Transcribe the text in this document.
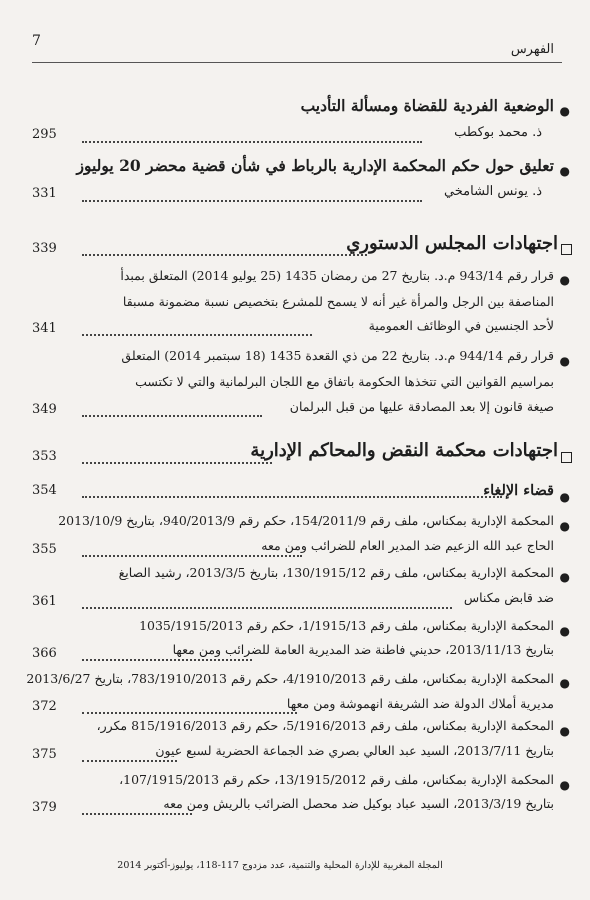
7
الفهرس
●
الوضعية الفردية للقضاة ومسألة التأديب
ذ. محمد بوكطب
295
●
تعليق حول حكم المحكمة الإدارية بالرباط في شأن قضية محضر 20 يوليوز
ذ. يونس الشامخي
331
اجتهادات المجلس الدستوري
339
●
قرار رقم 943/14 م.د. بتاريخ 27 من رمضان 1435 (25 يوليو 2014) المتعلق بمبدأ
المناصفة بين الرجل والمرأة غير أنه لا يسمح للمشرع بتخصيص نسبة مضمونة مسبقا
لأحد الجنسين في الوظائف العمومية
341
●
قرار رقم 944/14 م.د. بتاريخ 22 من ذي القعدة 1435 (18 سبتمبر 2014) المتعلق
بمراسيم القوانين التي تتخذها الحكومة باتفاق مع اللجان البرلمانية والتي لا تكتسب
صيغة قانون إلا بعد المصادقة عليها من قبل البرلمان
349
اجتهادات محكمة النقض والمحاكم الإدارية
353
●
قضاء الإلغاء
354
●
المحكمة الإدارية بمكناس، ملف رقم 154/2011/9، حكم رقم 940/2013/9، بتاريخ 2013/10/9
الحاج عبد الله الزعيم ضد المدير العام للضرائب ومن معه
355
●
المحكمة الإدارية بمكناس، ملف رقم 130/1915/12، بتاريخ 2013/3/5، رشيد الصايغ
ضد قابض مكناس
361
●
المحكمة الإدارية بمكناس، ملف رقم 1/1915/13، حكم رقم 1035/1915/2013
بتاريخ 2013/11/13، حديني فاطنة ضد المديرية العامة للضرائب ومن معها
366
●
المحكمة الإدارية بمكناس، ملف رقم 4/1910/2013، حكم رقم 783/1910/2013، بتاريخ 2013/6/27
مديرية أملاك الدولة ضد الشريفة انهموشة ومن معها
372
●
المحكمة الإدارية بمكناس، ملف رقم 5/1916/2013، حكم رقم 815/1916/2013 مكرر،
بتاريخ 2013/7/11، السيد عبد العالي بصري ضد الجماعة الحضرية لسبع عيون
375
●
المحكمة الإدارية بمكناس، ملف رقم 13/1915/2012، حكم رقم 107/1915/2013،
بتاريخ 2013/3/19، السيد عباد بوكيل ضد محصل الضرائب بالريش ومن معه
379
المجلة المغربية للإدارة المحلية والتنمية، عدد مزدوج 117-118، يوليوز-أكتوبر 2014
